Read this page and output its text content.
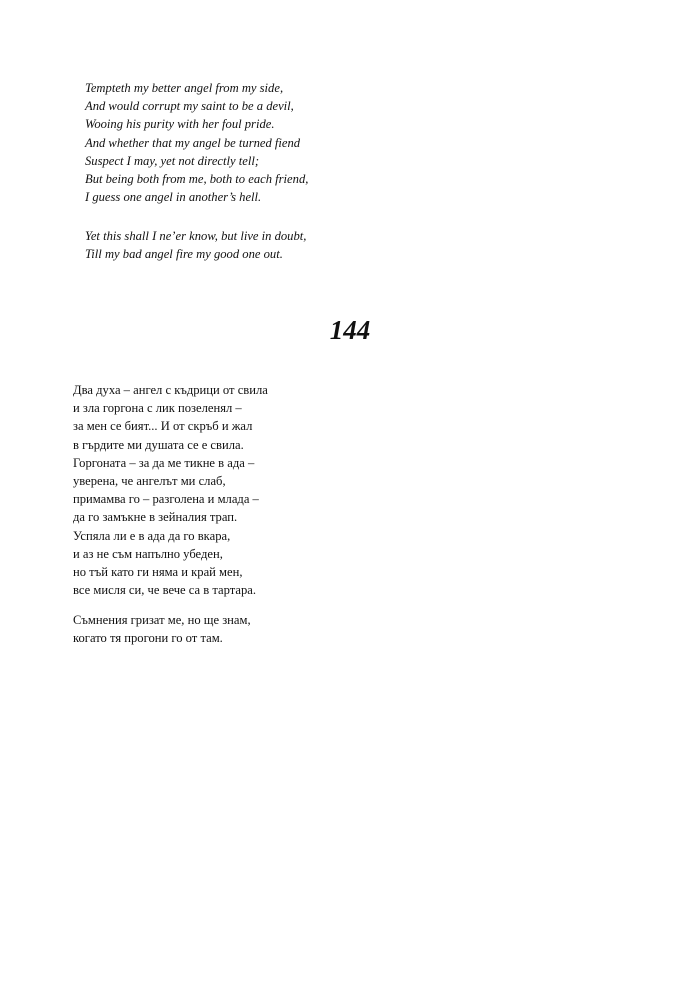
Tempteth my better angel from my side,
And would corrupt my saint to be a devil,
Wooing his purity with her foul pride.
And whether that my angel be turned fiend
Suspect I may, yet not directly tell;
But being both from me, both to each friend,
I guess one angel in another’s hell.
Yet this shall I ne’er know, but live in doubt,
Till my bad angel fire my good one out.
144
Два духа – ангел с къдрици от свила
и зла горгона с лик позеленял –
за мен се бият... И от скръб и жал
в гърдите ми душата се е свила.
Горгоната – за да ме тикне в ада –
уверена, че ангелът ми слаб,
примамва го – разголена и млада –
да го замъкне в зейналия трап.
Успяла ли е в ада да го вкара,
и аз не съм напълно убеден,
но тъй като ги няма и край мен,
все мисля си, че вече са в тартара.
Съмнения гризат ме, но ще знам,
когато тя прогони го от там.
